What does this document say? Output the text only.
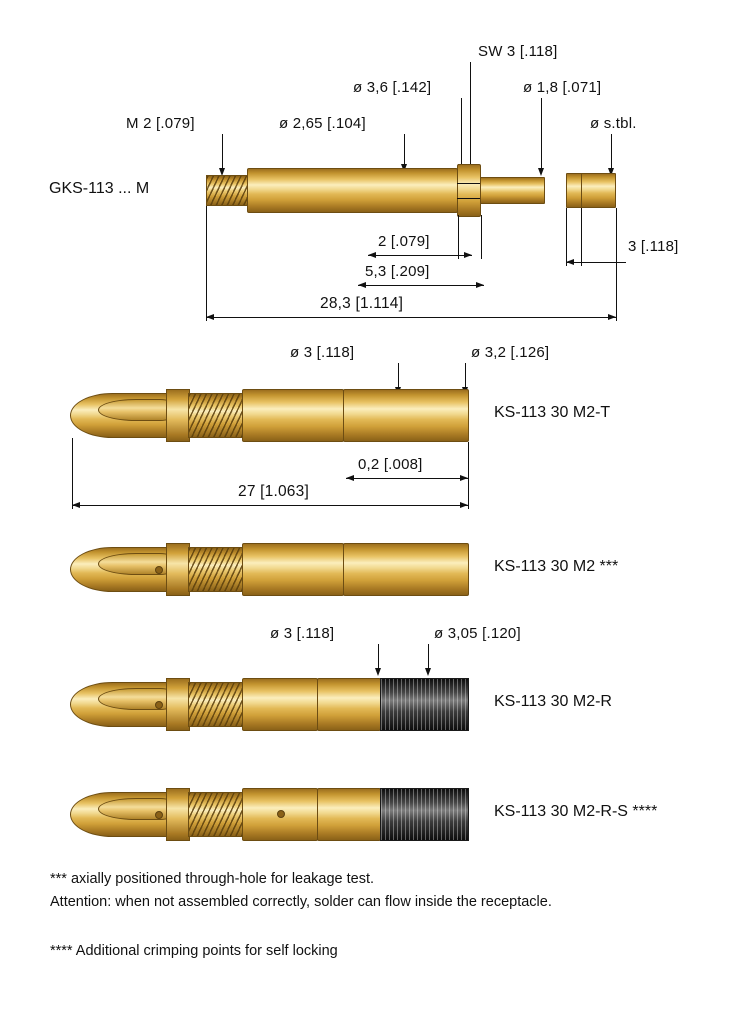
M 2 [.079]	ø 2,65 [.104]
ø 3,6 [.142]
SW 3 [.118]
ø 1,8 [.071]
ø s.tbl.
GKS-113 ... M
2 [.079]
5,3 [.209]
3 [.118]
28,3 [1.114]
ø 3 [.118]	ø 3,2 [.126]
KS-113 30 M2-T
0,2 [.008]
27 [1.063]
KS-113 30 M2 ***
ø 3 [.118]	ø 3,05 [.120]
KS-113 30 M2-R
KS-113 30 M2-R-S ****
*** axially positioned through-hole for leakage test.
Attention: when not assembled correctly, solder can flow inside the receptacle.
**** Additional crimping points for self locking
